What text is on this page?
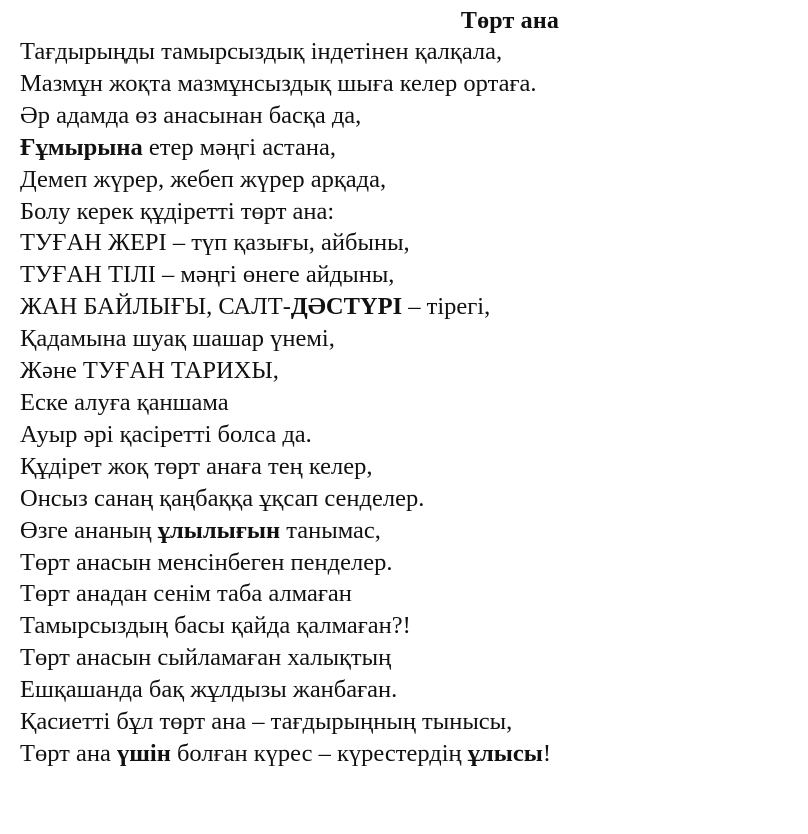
Төрт ана
Тағдырыңды тамырсыздық індетінен қалқала,
Мазмұн жоқта мазмұнсыздық шыға келер ортаға.
Әр адамда өз анасынан басқа да,
Ғұмырына етер мәңгі астана,
Демеп жүрер, жебеп жүрер арқада,
Болу керек құдіретті төрт ана:
ТУҒАН ЖЕРІ – түп қазығы, айбыны,
ТУҒАН ТІЛІ – мәңгі өнеге айдыны,
ЖАН БАЙЛЫҒЫ, САЛТ-ДӘСТҮРІ – тірегі,
Қадамына шуақ шашар үнемі,
Және ТУҒАН ТАРИХЫ,
Еске алуға қаншама
Ауыр әрі қасіретті болса да.
Құдірет жоқ төрт анаға тең келер,
Онсыз санаң қаңбаққа ұқсап сенделер.
Өзге ананың ұлылығын танымас,
Төрт анасын менсінбеген пенделер.
Төрт анадан сенім таба алмаған
Тамырсыздың басы қайда қалмаған?!
Төрт анасын сыйламаған халықтың
Ешқашанда бақ жұлдызы жанбаған.
Қасиетті бұл төрт ана – тағдырыңның тынысы,
Төрт ана үшін болған күрес – күрестердің ұлысы!
